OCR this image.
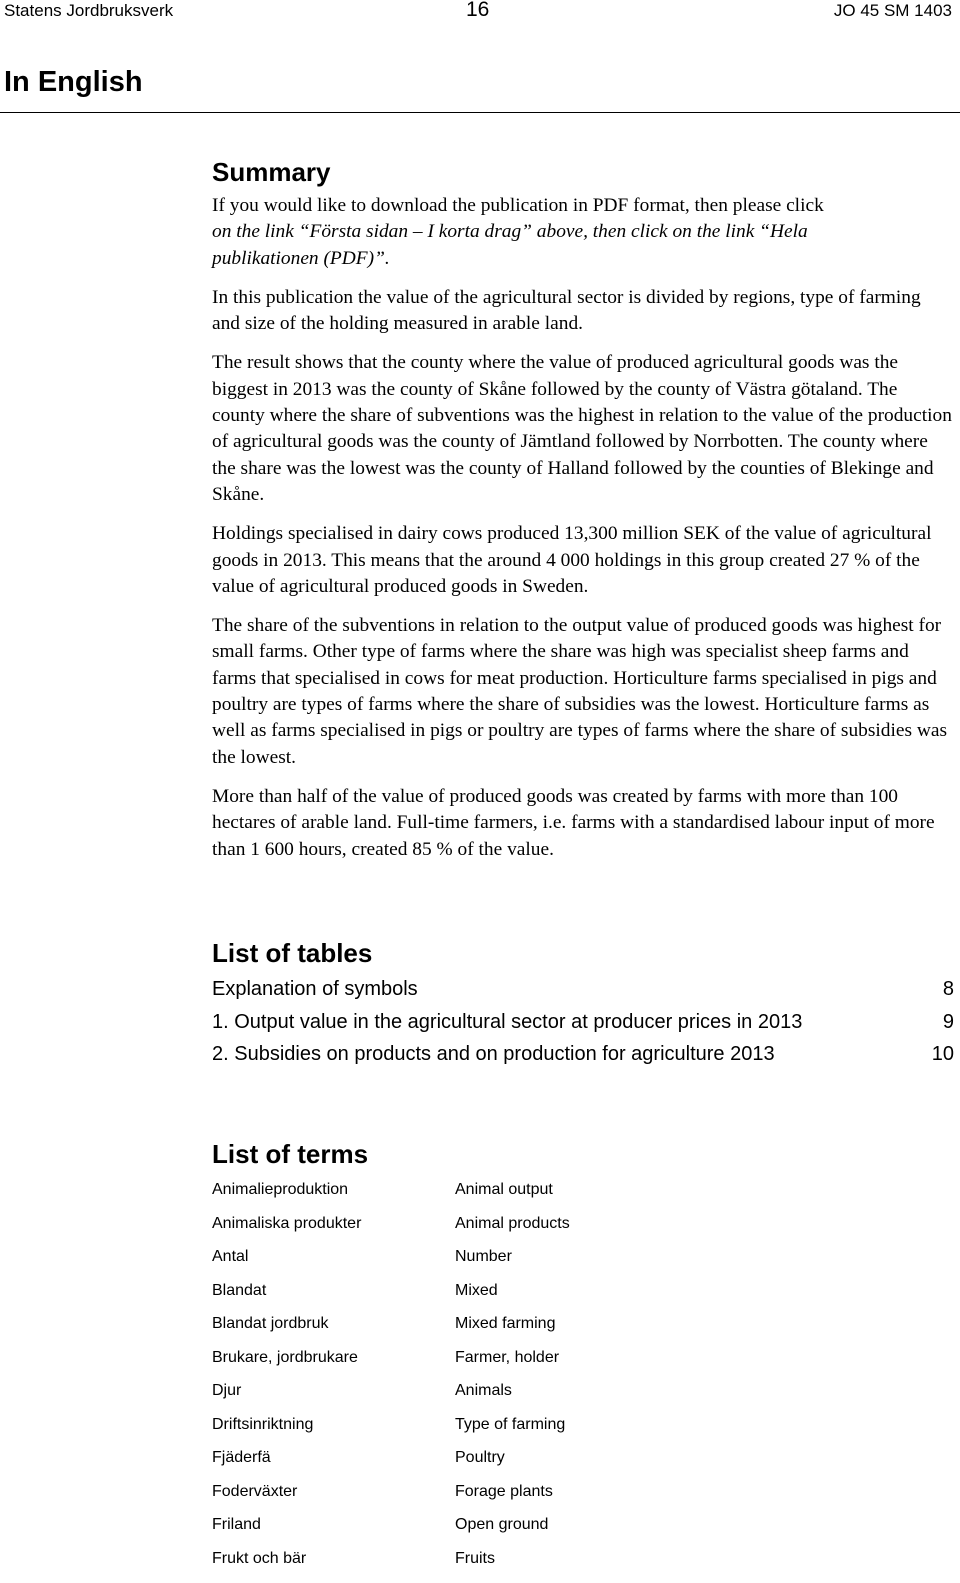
Statens Jordbruksverk	16	JO 45 SM 1403
In English
Summary

If you would like to download the publication in PDF format, then please click
on the link “Första sidan – I korta drag” above, then click on the link “Hela
publikationen (PDF)”.

In this publication the value of the agricultural sector is divided by regions, type of farming and size of the holding measured in arable land.

The result shows that the county where the value of produced agricultural goods was the biggest in 2013 was the county of Skåne followed by the county of Västra götaland. The county where the share of subventions was the highest in relation to the value of the production of agricultural goods was the county of Jämtland followed by Norrbotten. The county where the share was the lowest was the county of Halland followed by the counties of Blekinge and Skåne.

Holdings specialised in dairy cows produced 13,300 million SEK of the value of agricultural goods in 2013. This means that the around 4 000 holdings in this group created 27 % of the value of agricultural produced goods in Sweden.

The share of the subventions in relation to the output value of produced goods was highest for small farms. Other type of farms where the share was high was specialist sheep farms and farms that specialised in cows for meat production. Horticulture farms specialised in pigs and poultry are types of farms where the share of subsidies was the lowest. Horticulture farms as well as farms specialised in pigs or poultry are types of farms where the share of subsidies was the lowest.

More than half of the value of produced goods was created by farms with more than 100 hectares of arable land. Full-time farmers, i.e. farms with a standardised labour input of more than 1 600 hours, created 85 % of the value.

List of tables
Explanation of symbols	8
1. Output value in the agricultural sector at producer prices in 2013	9
2. Subsidies on products and on production for agriculture 2013	10
List of terms
Animalieproduktion	Animal output
Animaliska produkter	Animal products
Antal	Number
Blandat	Mixed
Blandat jordbruk	Mixed farming
Brukare, jordbrukare	Farmer, holder
Djur	Animals
Driftsinriktning	Type of farming
Fjäderfä	Poultry
Foderväxter	Forage plants
Friland	Open ground
Frukt och bär	Fruits
